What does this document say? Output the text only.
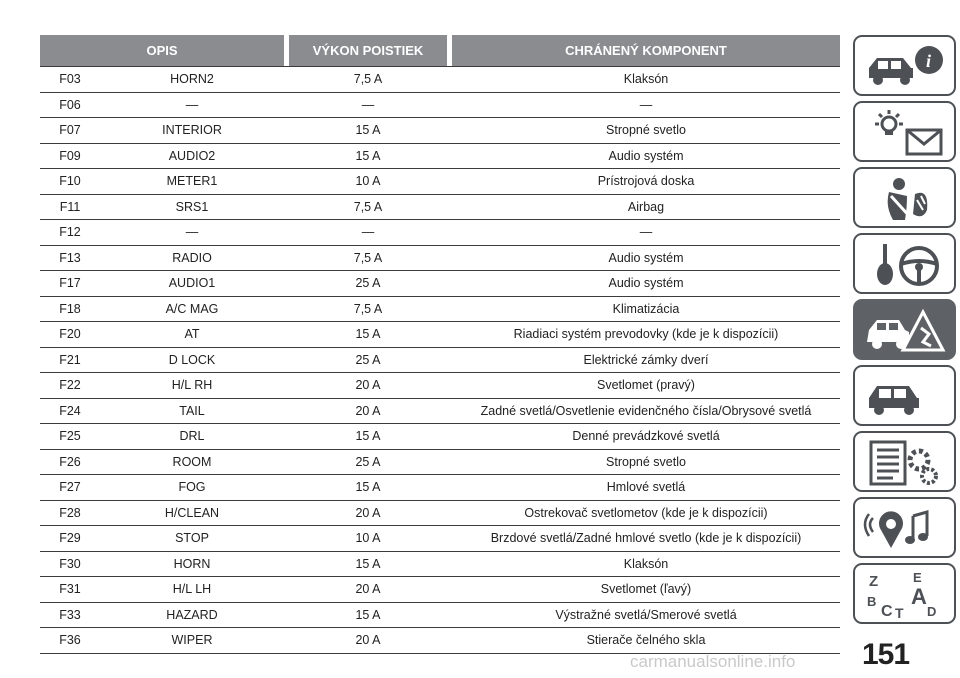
OPIS	VÝKON POISTIEK	CHRÁNENÝ KOMPONENT
F03	HORN2	7,5 A	Klaksón
F06	—	—	—
F07	INTERIOR	15 A	Stropné svetlo
F09	AUDIO2	15 A	Audio systém
F10	METER1	10 A	Prístrojová doska
F11	SRS1	7,5 A	Airbag
F12	—	—	—
F13	RADIO	7,5 A	Audio systém
F17	AUDIO1	25 A	Audio systém
F18	A/C MAG	7,5 A	Klimatizácia
F20	AT	15 A	Riadiaci systém prevodovky (kde je k dispozícii)
F21	D LOCK	25 A	Elektrické zámky dverí
F22	H/L RH	20 A	Svetlomet (pravý)
F24	TAIL	20 A	Zadné svetlá/Osvetlenie evidenčného čísla/Obrysové svetlá
F25	DRL	15 A	Denné prevádzkové svetlá
F26	ROOM	25 A	Stropné svetlo
F27	FOG	15 A	Hmlové svetlá
F28	H/CLEAN	20 A	Ostrekovač svetlometov (kde je k dispozícii)
F29	STOP	10 A	Brzdové svetlá/Zadné hmlové svetlo (kde je k dispozícii)
F30	HORN	15 A	Klaksón
F31	H/L LH	20 A	Svetlomet (ľavý)
F33	HAZARD	15 A	Výstražné svetlá/Smerové svetlá
F36	WIPER	20 A	Stierače čelného skla
i
Z	E
A
B
C T D
151
carmanualsonline.info
